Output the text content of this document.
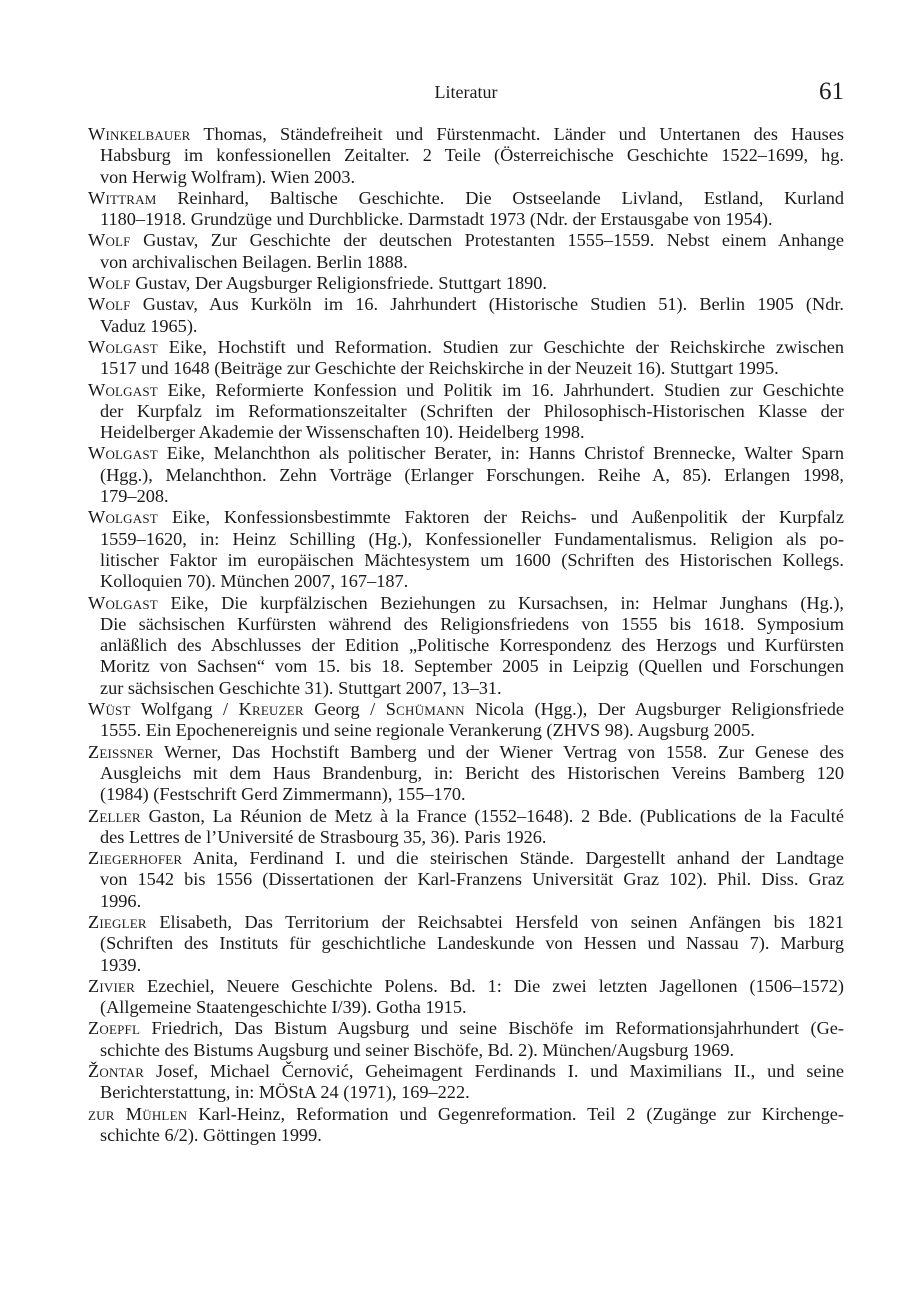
Literatur	61
Winkelbauer Thomas, Ständefreiheit und Fürstenmacht. Länder und Untertanen des Hauses
Habsburg im konfessionellen Zeitalter. 2 Teile (Österreichische Geschichte 1522–1699, hg.
von Herwig Wolfram). Wien 2003.
Wittram Reinhard, Baltische Geschichte. Die Ostseelande Livland, Estland, Kurland
1180–1918. Grundzüge und Durchblicke. Darmstadt 1973 (Ndr. der Erstausgabe von 1954).
Wolf Gustav, Zur Geschichte der deutschen Protestanten 1555–1559. Nebst einem Anhange
von archivalischen Beilagen. Berlin 1888.
Wolf Gustav, Der Augsburger Religionsfriede. Stuttgart 1890.
Wolf Gustav, Aus Kurköln im 16. Jahrhundert (Historische Studien 51). Berlin 1905 (Ndr.
Vaduz 1965).
Wolgast Eike, Hochstift und Reformation. Studien zur Geschichte der Reichskirche zwischen
1517 und 1648 (Beiträge zur Geschichte der Reichskirche in der Neuzeit 16). Stuttgart 1995.
Wolgast Eike, Reformierte Konfession und Politik im 16. Jahrhundert. Studien zur Geschichte
der Kurpfalz im Reformationszeitalter (Schriften der Philosophisch-Historischen Klasse der
Heidelberger Akademie der Wissenschaften 10). Heidelberg 1998.
Wolgast Eike, Melanchthon als politischer Berater, in: Hanns Christof Brennecke, Walter Sparn
(Hgg.), Melanchthon. Zehn Vorträge (Erlanger Forschungen. Reihe A, 85). Erlangen 1998,
179–208.
Wolgast Eike, Konfessionsbestimmte Faktoren der Reichs- und Außenpolitik der Kurpfalz
1559–1620, in: Heinz Schilling (Hg.), Konfessioneller Fundamentalismus. Religion als po-
litischer Faktor im europäischen Mächtesystem um 1600 (Schriften des Historischen Kollegs.
Kolloquien 70). München 2007, 167–187.
Wolgast Eike, Die kurpfälzischen Beziehungen zu Kursachsen, in: Helmar Junghans (Hg.),
Die sächsischen Kurfürsten während des Religionsfriedens von 1555 bis 1618. Symposium
anläßlich des Abschlusses der Edition „Politische Korrespondenz des Herzogs und Kurfürsten
Moritz von Sachsen“ vom 15. bis 18. September 2005 in Leipzig (Quellen und Forschungen
zur sächsischen Geschichte 31). Stuttgart 2007, 13–31.
Wüst Wolfgang / Kreuzer Georg / Schümann Nicola (Hgg.), Der Augsburger Religionsfriede
1555. Ein Epochenereignis und seine regionale Verankerung (ZHVS 98). Augsburg 2005.
Zeissner Werner, Das Hochstift Bamberg und der Wiener Vertrag von 1558. Zur Genese des
Ausgleichs mit dem Haus Brandenburg, in: Bericht des Historischen Vereins Bamberg 120
(1984) (Festschrift Gerd Zimmermann), 155–170.
Zeller Gaston, La Réunion de Metz à la France (1552–1648). 2 Bde. (Publications de la Faculté
des Lettres de l’Université de Strasbourg 35, 36). Paris 1926.
Ziegerhofer Anita, Ferdinand I. und die steirischen Stände. Dargestellt anhand der Landtage
von 1542 bis 1556 (Dissertationen der Karl-Franzens Universität Graz 102). Phil. Diss. Graz
1996.
Ziegler Elisabeth, Das Territorium der Reichsabtei Hersfeld von seinen Anfängen bis 1821
(Schriften des Instituts für geschichtliche Landeskunde von Hessen und Nassau 7). Marburg
1939.
Zivier Ezechiel, Neuere Geschichte Polens. Bd. 1: Die zwei letzten Jagellonen (1506–1572)
(Allgemeine Staatengeschichte I/39). Gotha 1915.
Zoepfl Friedrich, Das Bistum Augsburg und seine Bischöfe im Reformationsjahrhundert (Ge-
schichte des Bistums Augsburg und seiner Bischöfe, Bd. 2). München/Augsburg 1969.
Žontar Josef, Michael Černović, Geheimagent Ferdinands I. und Maximilians II., und seine
Berichterstattung, in: MÖStA 24 (1971), 169–222.
zur Mühlen Karl-Heinz, Reformation und Gegenreformation. Teil 2 (Zugänge zur Kirchenge-
schichte 6/2). Göttingen 1999.
